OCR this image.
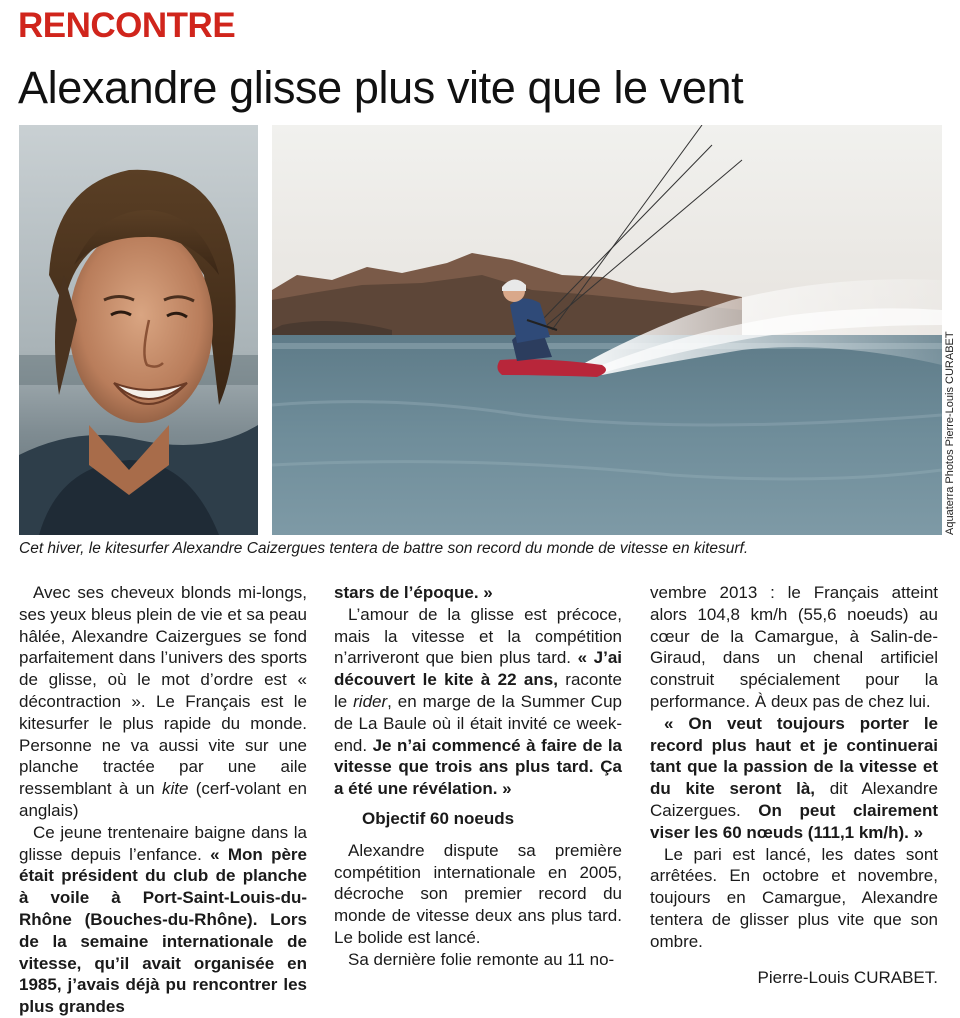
RENCONTRE
Alexandre glisse plus vite que le vent
Aquaterra Photos Pierre-Louis CURABET
Cet hiver, le kitesurfer Alexandre Caizergues tentera de battre son record du monde de vitesse en kitesurf.

Avec ses cheveux blonds mi-longs, ses yeux bleus plein de vie et sa peau hâlée, Alexandre Caizergues se fond parfaitement dans l’univers des sports de glisse, où le mot d’ordre est « décontraction ». Le Français est le kitesurfer le plus rapide du monde. Personne ne va aussi vite sur une planche tractée par une aile ressemblant à un kite (cerf-volant en anglais)

Ce jeune trentenaire baigne dans la glisse depuis l’enfance. « Mon père était président du club de planche à voile à Port-Saint-Louis-du-Rhône (Bouches-du-Rhône). Lors de la semaine internationale de vitesse, qu’il avait organisée en 1985, j’avais déjà pu rencontrer les plus grandes

stars de l’époque. »

L’amour de la glisse est précoce, mais la vitesse et la compétition n’arriveront que bien plus tard. « J’ai découvert le kite à 22 ans, raconte le rider, en marge de la Summer Cup de La Baule où il était invité ce week-end. Je n’ai commencé à faire de la vitesse que trois ans plus tard. Ça a été une révélation. »

Objectif 60 noeuds

Alexandre dispute sa première compétition internationale en 2005, décroche son premier record du monde de vitesse deux ans plus tard. Le bolide est lancé.

Sa dernière folie remonte au 11 no-

vembre 2013 : le Français atteint alors 104,8 km/h (55,6 noeuds) au cœur de la Camargue, à Salin-de-Giraud, dans un chenal artificiel construit spécialement pour la performance. À deux pas de chez lui.

« On veut toujours porter le record plus haut et je continuerai tant que la passion de la vitesse et du kite seront là, dit Alexandre Caizergues. On peut clairement viser les 60 nœuds (111,1 km/h). »

Le pari est lancé, les dates sont arrêtées. En octobre et novembre, toujours en Camargue, Alexandre tentera de glisser plus vite que son ombre.

Pierre-Louis CURABET.
